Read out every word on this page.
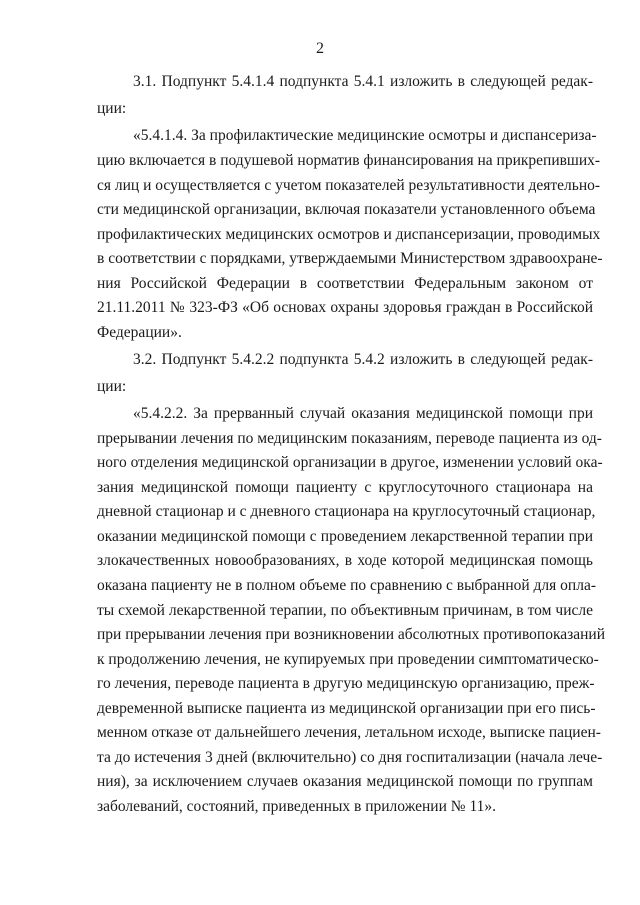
2
3.1. Подпункт 5.4.1.4 подпункта 5.4.1 изложить в следующей редак-
ции:
«5.4.1.4. За профилактические медицинские осмотры и диспансериза-
цию включается в подушевой норматив финансирования на прикрепивших-
ся лиц и осуществляется с учетом показателей результативности деятельно-
сти медицинской организации, включая показатели установленного объема
профилактических медицинских осмотров и диспансеризации, проводимых
в соответствии с порядками, утверждаемыми Министерством здравоохране-
ния Российской Федерации в соответствии Федеральным законом от
21.11.2011 № 323-ФЗ «Об основах охраны здоровья граждан в Российской
Федерации».
3.2. Подпункт 5.4.2.2 подпункта 5.4.2 изложить в следующей редак-
ции:
«5.4.2.2. За прерванный случай оказания медицинской помощи при
прерывании лечения по медицинским показаниям, переводе пациента из од-
ного отделения медицинской организации в другое, изменении условий ока-
зания медицинской помощи пациенту с круглосуточного стационара на
дневной стационар и с дневного стационара на круглосуточный стационар,
оказании медицинской помощи с проведением лекарственной терапии при
злокачественных новообразованиях, в ходе которой медицинская помощь
оказана пациенту не в полном объеме по сравнению с выбранной для опла-
ты схемой лекарственной терапии, по объективным причинам, в том числе
при прерывании лечения при возникновении абсолютных противопоказаний
к продолжению лечения, не купируемых при проведении симптоматическо-
го лечения, переводе пациента в другую медицинскую организацию, преж-
девременной выписке пациента из медицинской организации при его пись-
менном отказе от дальнейшего лечения, летальном исходе, выписке пациен-
та до истечения 3 дней (включительно) со дня госпитализации (начала лече-
ния), за исключением случаев оказания медицинской помощи по группам
заболеваний, состояний, приведенных в приложении № 11».
